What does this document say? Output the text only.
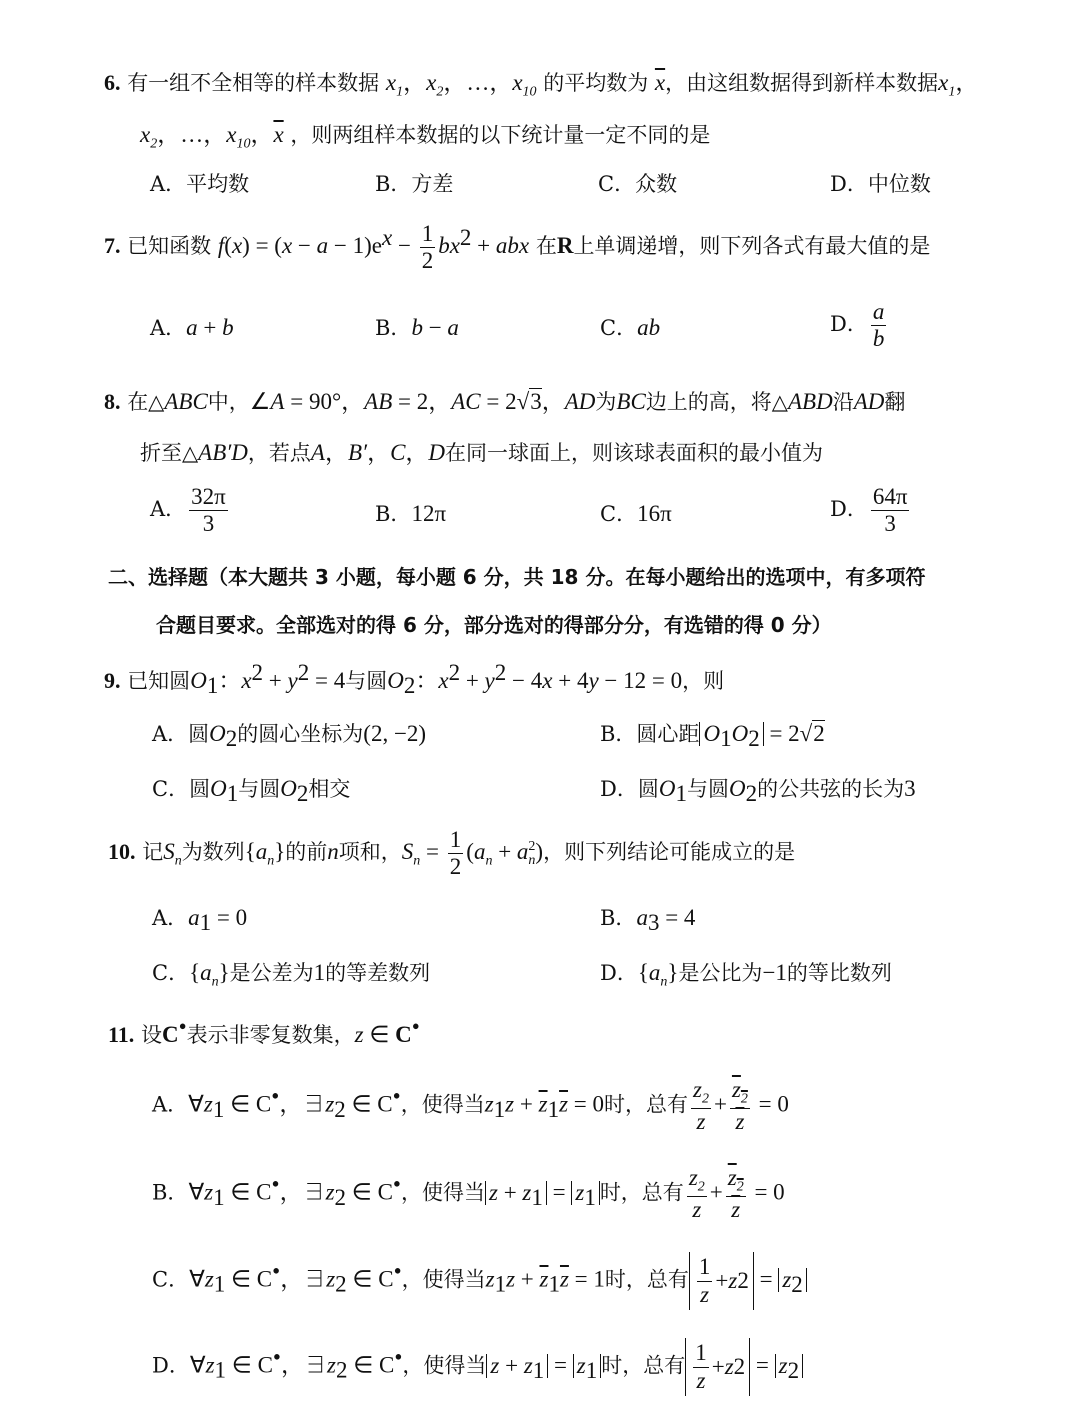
6. 有一组不全相等的样本数据 $x_1$，$x_2$，…，$x_{10}$ 的平均数为 $\overline{x}$，由这组数据得到新样本数据$x_1$，
$x_2$，…，$x_{10}$，$\overline{x}$ ，则两组样本数据的以下统计量一定不同的是
A．平均数	B．方差	C．众数	D．中位数
7. 已知函数 $f(x) = (x - a - 1)e^x - \frac{1}{2} bx^2$ + abx 在R上单调递增，则下列各式有最大值的是
A．a + b	B．b − a	C．ab	D． $\frac{a}{b}$
8. 在△ABC中，∠A = 90°，AB = 2，AC = 2√3，AD为BC边上的高，将△ABD沿AD翻
折至△AB′D，若点A，B′，C，D在同一球面上，则该球表面积的最小值为
A． $\frac{32\pi}{3}$	B．12π	C．16π	D． $\frac{64\pi}{3}$
二、选择题（本大题共 3 小题，每小题 6 分，共 18 分。在每小题给出的选项中，有多项符
合题目要求。全部选对的得 6 分，部分选对的得部分分，有选错的得 0 分）
9. 已知圆$O_1$：$x^2 + y^2 = 4$与圆$O_2$：$x^2 + y^2 - 4x + 4y - 12 = 0$，则
A．圆$O_2$的圆心坐标为(2, −2)	B．圆心距 $O_1O_2 = 2√2$
C．圆$O_1$与圆$O_2$相交	D．圆$O_1$与圆$O_2$的公共弦的长为3
10. 记$S_n$为数列$\{a_n\}$的前n项和，$S_n = \frac{1}{2} (a_n + a$ 2
n )，则下列结论可能成立的是
A．$a_1 = 0$	B．$a_3 = 4$
C．$\{a_n\}$是公差为1的等差数列	D．$\{a_n\}$是公比为−1的等比数列
11. 设C•表示非零复数集，z ∈ C•
A．$\forall z_1$ ∈ C•，$\exists z_2$ ∈ C•，使得当$z_1z + \overline{z}_1\overline{z} = 0$时，总有 $\frac{z_2}{z} + \frac{z_2}{z} = 0$
B．$\forall z_1$ ∈ C•，$\exists z_2$ ∈ C•，使得当 $z + z_1 = z_1$ 时，总有 $\frac{z_2}{z} + \frac{z_2}{z} = 0$
C．$\forall z_1$ ∈ C•，$\exists z_2$ ∈ C•，使得当$z_1z + \overline{z}_1\overline{z} = 1$时，总有
1
z
+ z $2 = z_2$
D．$\forall z_1$ ∈ C•，$\exists z_2$ ∈ C•，使得当 $z + z_1 = z_1$ 时，总有
1
z
+ z $2 = z_2$
